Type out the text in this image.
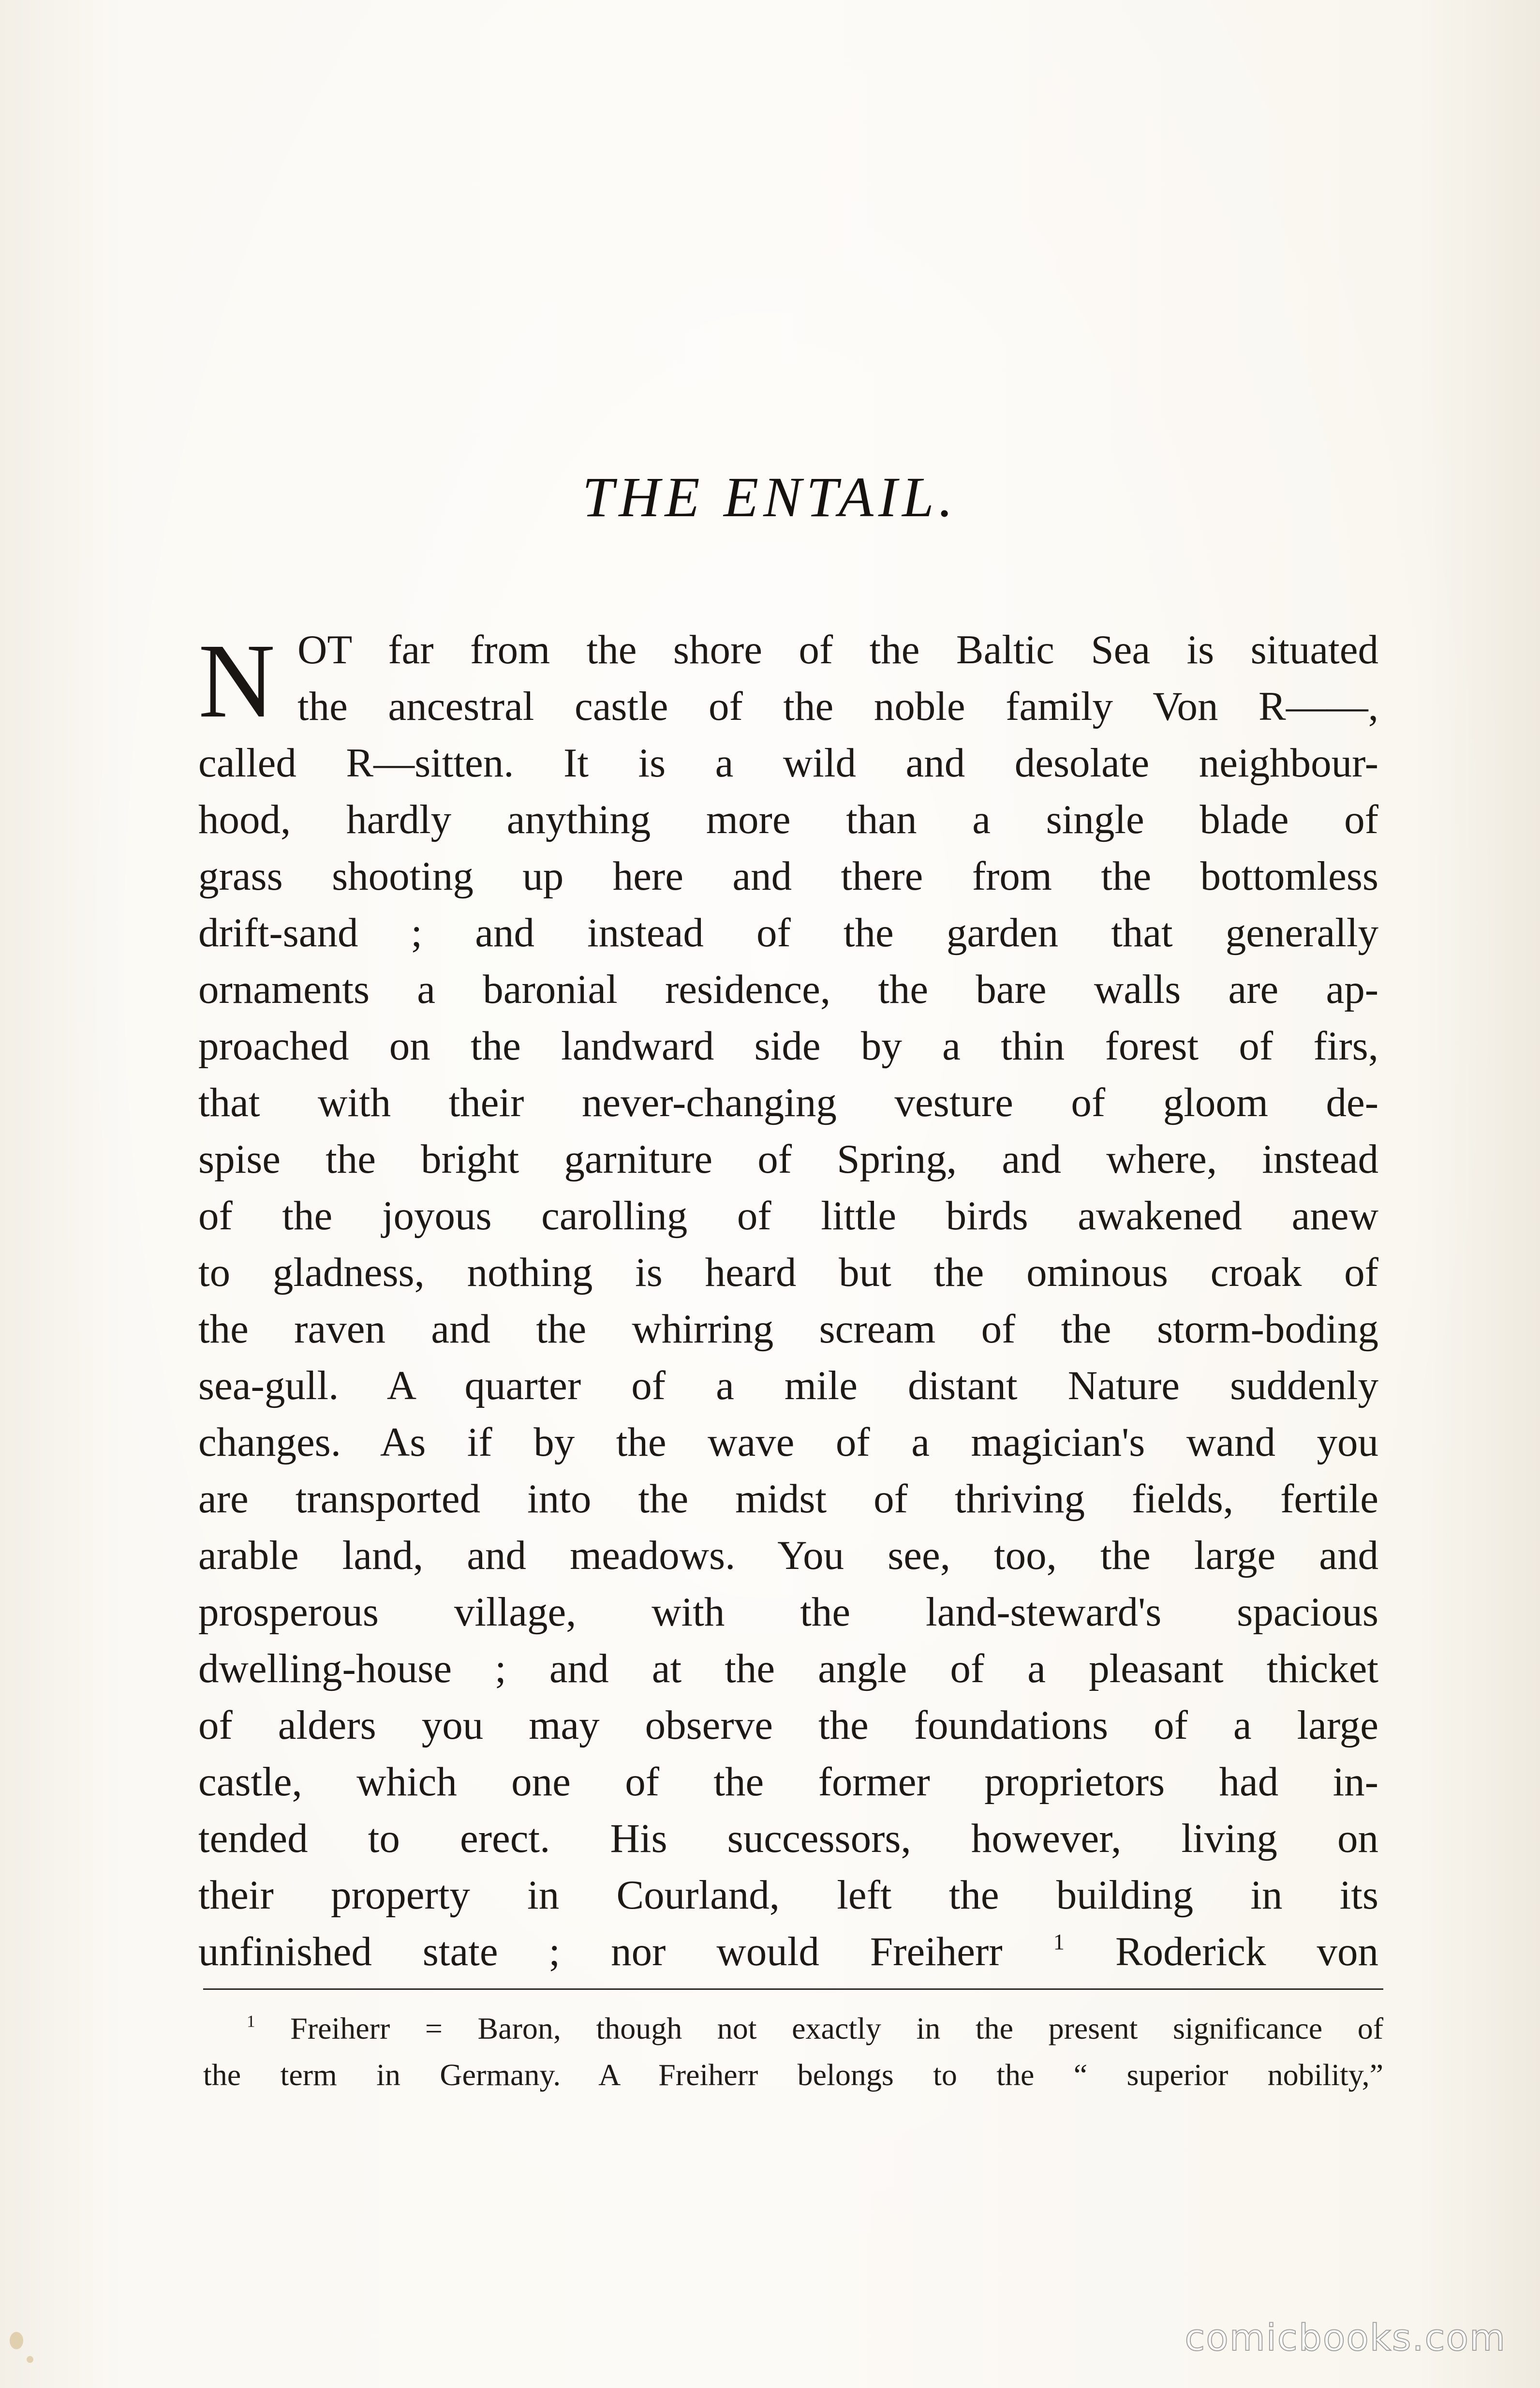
THE ENTAIL.
N OT far from the shore of the Baltic Sea is situated
the ancestral castle of the noble family Von R——,
called R—sitten. It is a wild and desolate neighbour-
hood, hardly anything more than a single blade of
grass shooting up here and there from the bottomless
drift-sand ; and instead of the garden that generally
ornaments a baronial residence, the bare walls are ap-
proached on the landward side by a thin forest of firs,
that with their never-changing vesture of gloom de-
spise the bright garniture of Spring, and where, instead
of the joyous carolling of little birds awakened anew
to gladness, nothing is heard but the ominous croak of
the raven and the whirring scream of the storm-boding
sea-gull. A quarter of a mile distant Nature suddenly
changes. As if by the wave of a magician's wand you
are transported into the midst of thriving fields, fertile
arable land, and meadows. You see, too, the large and
prosperous village, with the land-steward's spacious
dwelling-house ; and at the angle of a pleasant thicket
of alders you may observe the foundations of a large
castle, which one of the former proprietors had in-
tended to erect. His successors, however, living on
their property in Courland, left the building in its
unfinished state ; nor would Freiherr $^1$ Roderick von
$^1$ Freiherr = Baron, though not exactly in the present significance of
the term in Germany. A Freiherr belongs to the “ superior nobility,”
comicbooks.com
